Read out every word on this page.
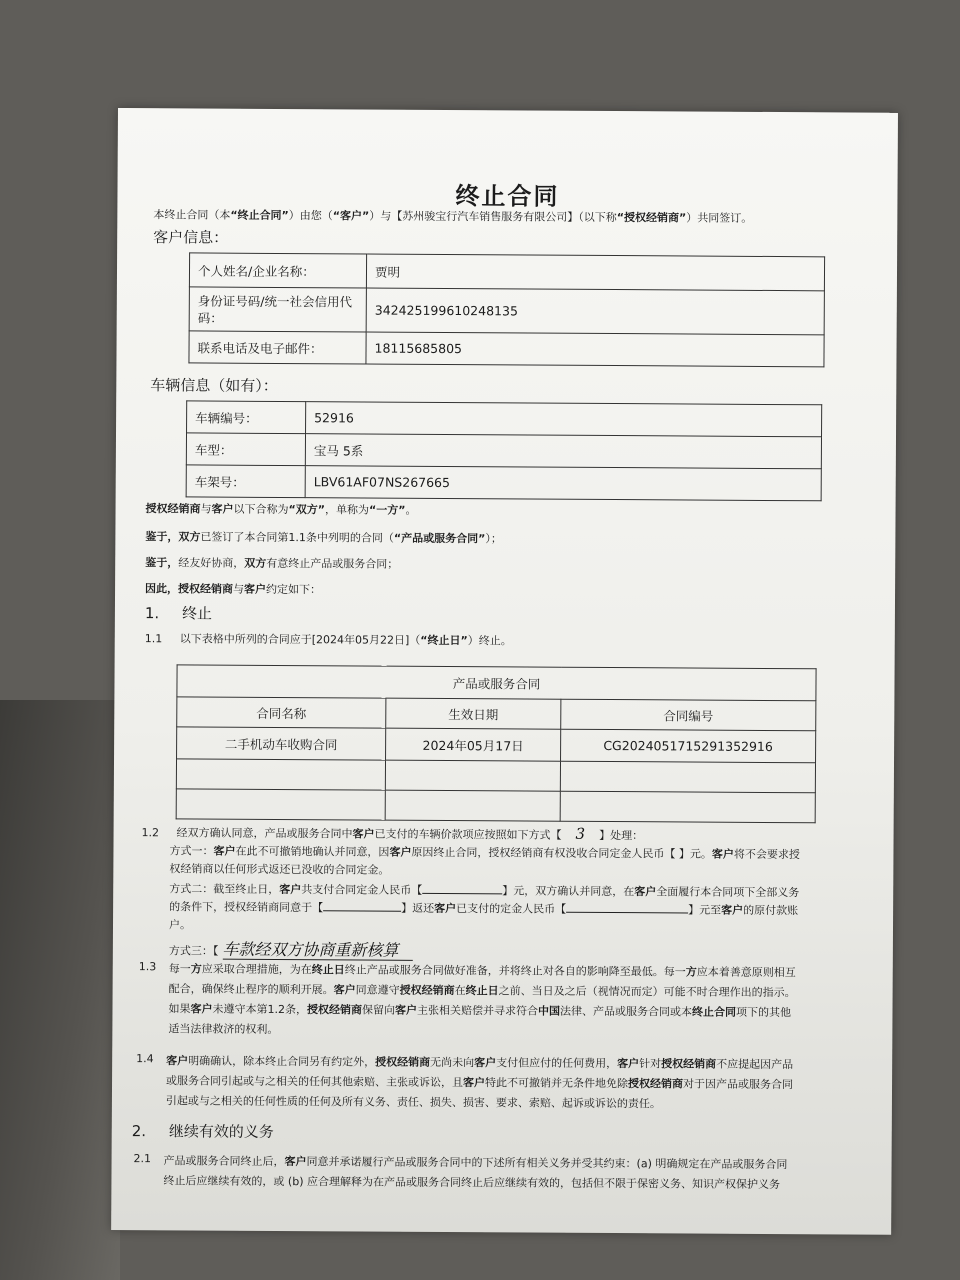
终止合同
本终止合同（本“终止合同”）由您（“客户”）与【苏州骏宝行汽车销售服务有限公司】（以下称“授权经销商”）共同签订。
客户信息：
个人姓名/企业名称：	贾明
身份证号码/统一社会信用代码：	342425199610248135
联系电话及电子邮件：	18115685805
车辆信息（如有）：
车辆编号：	52916
车型：	宝马 5系
车架号：	LBV61AF07NS267665
授权经销商与客户以下合称为“双方”，单称为“一方”。
鉴于，双方已签订了本合同第1.1条中列明的合同（“产品或服务合同”）；
鉴于，经友好协商，双方有意终止产品或服务合同；
因此，授权经销商与客户约定如下：
1. 终止
1.1 以下表格中所列的合同应于[2024年05月22日]（“终止日”）终止。
产品或服务合同		
合同名称	生效日期	合同编号
二手机动车收购合同	2024年05月17日	CG2024051715291352916

1.2 经双方确认同意，产品或服务合同中客户已支付的车辆价款项应按照如下方式【 3 】处理：
方式一：客户在此不可撤销地确认并同意，因客户原因终止合同，授权经销商有权没收合同定金人民币【 】元。客户将不会要求授
权经销商以任何形式返还已没收的合同定金。
方式二：截至终止日，客户共支付合同定金人民币【	】元，双方确认并同意，在客户全面履行本合同项下全部义务
的条件下，授权经销商同意于【	】返还客户已支付的定金人民币【	】元至客户的原付款账
户。
方式三：【 车款经双方协商重新核算
1.3 每一方应采取合理措施，为在终止日终止产品或服务合同做好准备，并将终止对各自的影响降至最低。每一方应本着善意原则相互
配合，确保终止程序的顺利开展。客户同意遵守授权经销商在终止日之前、当日及之后（视情况而定）可能不时合理作出的指示。
如果客户未遵守本第1.2条，授权经销商保留向客户主张相关赔偿并寻求符合中国法律、产品或服务合同或本终止合同项下的其他
适当法律救济的权利。
1.4 客户明确确认，除本终止合同另有约定外，授权经销商无尚未向客户支付但应付的任何费用，客户针对授权经销商不应提起因产品
或服务合同引起或与之相关的任何其他索赔、主张或诉讼，且客户特此不可撤销并无条件地免除授权经销商对于因产品或服务合同
引起或与之相关的任何性质的任何及所有义务、责任、损失、损害、要求、索赔、起诉或诉讼的责任。
2. 继续有效的义务
2.1 产品或服务合同终止后，客户同意并承诺履行产品或服务合同中的下述所有相关义务并受其约束：(a) 明确规定在产品或服务合同
终止后应继续有效的，或 (b) 应合理解释为在产品或服务合同终止后应继续有效的，包括但不限于保密义务、知识产权保护义务
